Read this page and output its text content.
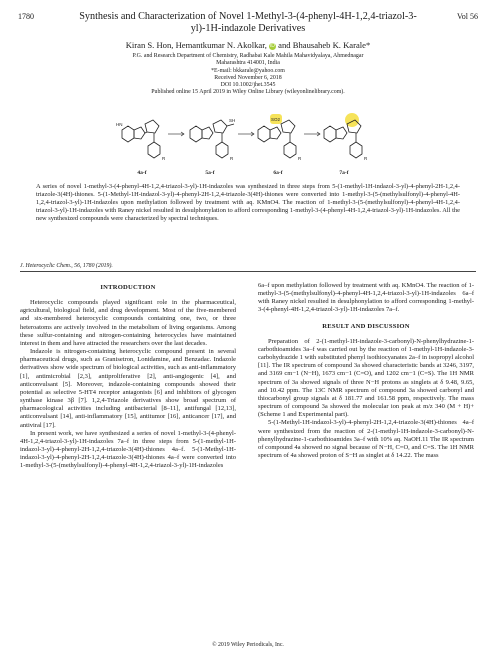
1780	Synthesis and Characterization of Novel 1-Methyl-3-(4-phenyl-4H-1,2,4-triazol-3-yl)-1H-indazole Derivatives
Vol 56
Kiran S. Hon, Hemantkumar N. Akolkar, iD and Bhausaheb K. Karale*
P.G. and Research Department of Chemistry, Radhabai Kale Mahila Mahavidyalaya, Ahmednagar
Maharashtra 414001, India
*E-mail: bkkarale@yahoo.com
Received November 6, 2018
DOI 10.1002/jhet.3545
Published online 15 April 2019 in Wiley Online Library (wileyonlinelibrary.com).
HN
SH	SO2
R	R	R	R
4a-f	5a-f	6a-f	7a-f
A series of novel 1-methyl-3-(4-phenyl-4H-1,2,4-triazol-3-yl)-1H-indazoles was synthesized in three steps from 5-(1-methyl-1H-indazol-3-yl)-4-phenyl-2H-1,2,4-triazole-3(4H)-thiones. 5-(1-Methyl-1H-indazol-3-yl)-4-phenyl-2H-1,2,4-triazole-3(4H)-thiones were converted into 1-methyl-3-(5-(methylsulfonyl)-4-phenyl-4H-1,2,4-triazol-3-yl)-1H-indazoles upon methylation followed by treatment with aq. KMnO4. The reaction of 1-methyl-3-(5-(methylsulfonyl)-4-phenyl-4H-1,2,4-triazol-3-yl)-1H-indazoles with Raney nickel resulted in desulphonylation to afford corresponding 1-methyl-3-(4-phenyl-4H-1,2,4-triazol-3-yl)-1H-indazoles. All the new synthesized compounds were characterized by spectral techniques.
J. Heterocyclic Chem., 56, 1780 (2019).

INTRODUCTION

Heterocyclic compounds played significant role in the pharmaceutical, agricultural, biological field, and drug development. Most of the five-membered and six-membered heterocyclic compounds containing one, two, or three heteroatoms are actively involved in the metabolism of living organisms. Among these sulfur-containing and nitrogen-containing heterocycles have maintained interest in them and have attracted the researchers over the last decades.

Indazole is nitrogen-containing heterocyclic compound present in several pharmaceutical drugs, such as Granisetron, Lonidamine, and Benzadac. Indazole derivatives show wide spectrum of biological activities, such as anti-inflammatory [1], antimicrobial [2,3], antiproliferative [2], anti-angiogenic [4], and anticonvulsant [5]. Moreover, indazole-containing compounds showed their potential as selective 5-HT4 receptor antagonists [6] and inhibitors of glycogen synthase kinase 3β [7]. 1,2,4-Triazole derivatives show broad spectrum of pharmacological activities including antibacterial [8–11], antifungal [12,13], anticonvulsant [14], anti-inflammatory [15], antitumor [16], anticancer [17], and antiviral [17].

In present work, we have synthesized a series of novel 1-methyl-3-(4-phenyl-4H-1,2,4-triazol-3-yl)-1H-indazoles 7a–f in three steps from 5-(1-methyl-1H-indazol-3-yl)-4-phenyl-2H-1,2,4-triazole-3(4H)-thiones 4a–f. 5-(1-Methyl-1H-indazol-3-yl)-4-phenyl-2H-1,2,4-triazole-3(4H)-thiones 4a–f were converted into 1-methyl-3-(5-(methylsulfonyl)-4-phenyl-4H-1,2,4-triazol-3-yl)-1H-indazoles

6a–f upon methylation followed by treatment with aq. KMnO4. The reaction of 1-methyl-3-(5-(methylsulfonyl)-4-phenyl-4H-1,2,4-triazol-3-yl)-1H-indazoles 6a–f with Raney nickel resulted in desulphonylation to afford corresponding 1-methyl-3-(4-phenyl-4H-1,2,4-triazol-3-yl)-1H-indazoles 7a–f.

RESULT AND DISCUSSION

Preparation of 2-(1-methyl-1H-indazole-3-carbonyl)-N-phenylhydrazine-1-carbothioamides 3a–f was carried out by the reaction of 1-methyl-1H-indazole-3-carbohydrazide 1 with substituted phenyl isothiocyanates 2a–f in isopropyl alcohol [11]. The IR spectrum of compound 3a showed characteristic bands at 3246, 3197, and 3169 cm−1 (N−H), 1673 cm−1 (C=O), and 1202 cm−1 (C=S). The 1H NMR spectrum of 3a showed signals of three N−H protons as singlets at δ 9.48, 9.65, and 10.42 ppm. The 13C NMR spectrum of compound 3a showed carbonyl and thiocarbonyl group signals at δ 181.77 and 161.58 ppm, respectively. The mass spectrum of compound 3a showed the molecular ion peak at m/z 340 (M + H)+ (Scheme 1 and Experimental part).

5-(1-Methyl-1H-indazol-3-yl)-4-phenyl-2H-1,2,4-triazole-3(4H)-thiones 4a–f were synthesized from the reaction of 2-(1-methyl-1H-indazole-3-carbonyl)-N-phenylhydrazine-1-carbothioamides 3a–f with 10% aq. NaOH.11 The IR spectrum of compound 4a showed no signal because of N−H, C=O, and C=S. The 1H NMR spectrum of 4a showed proton of S−H as singlet at δ 14.22. The mass

© 2019 Wiley Periodicals, Inc.
